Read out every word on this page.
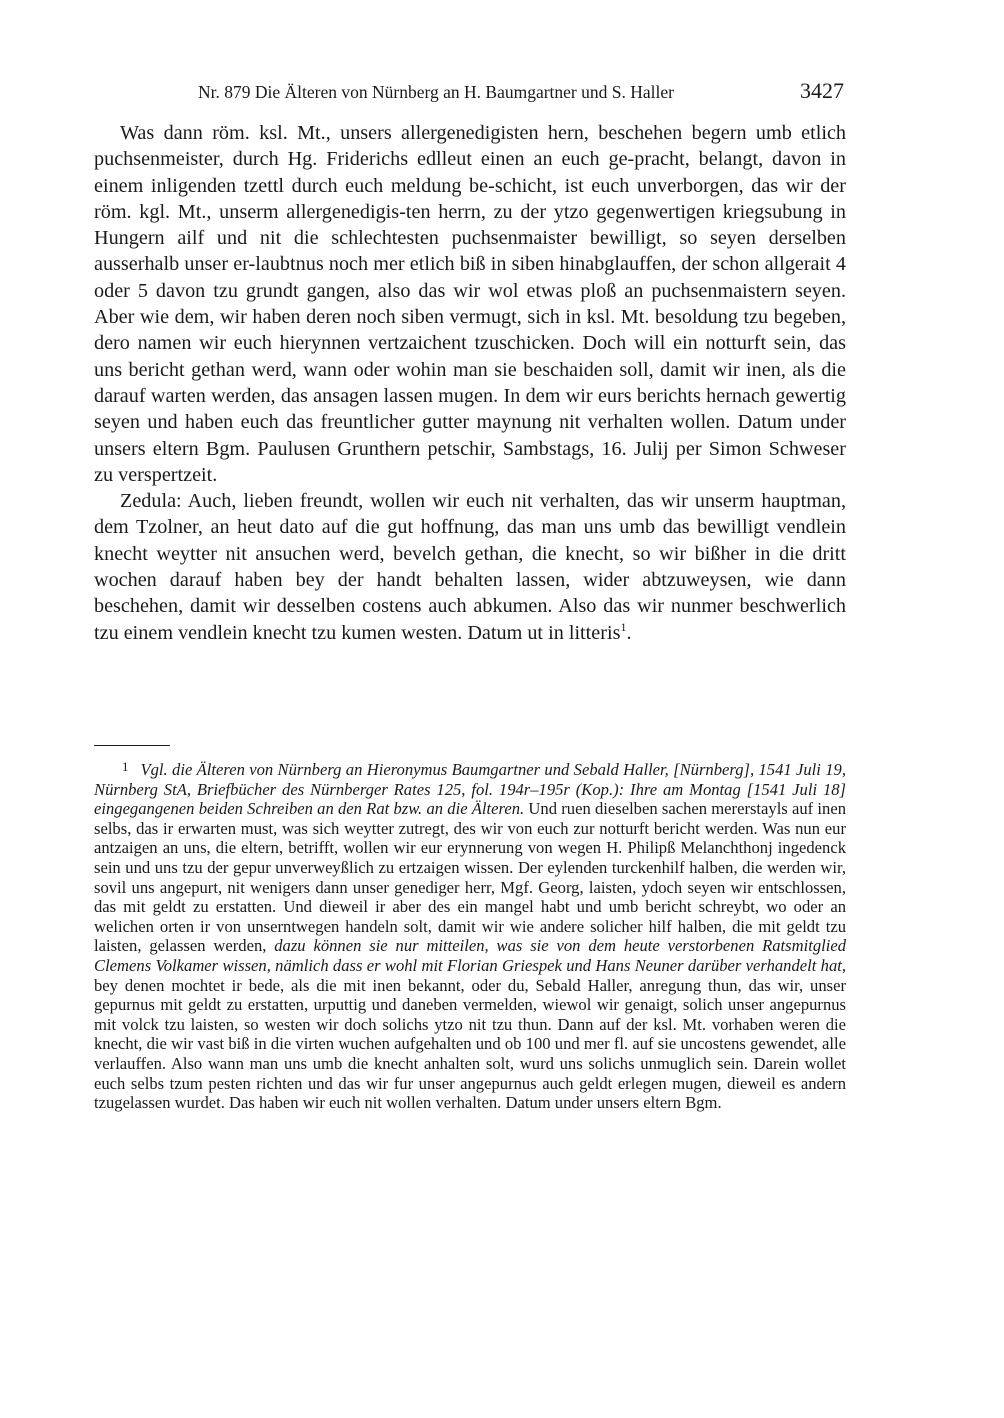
Nr. 879 Die Älteren von Nürnberg an H. Baumgartner und S. Haller	3427

Was dann röm. ksl. Mt., unsers allergenedigisten hern, beschehen begern umb etlich puchsenmeister, durch Hg. Friderichs edlleut einen an euch ge-pracht, belangt, davon in einem inligenden tzettl durch euch meldung be-schicht, ist euch unverborgen, das wir der röm. kgl. Mt., unserm allergenedigis-ten herrn, zu der ytzo gegenwertigen kriegsubung in Hungern ailf und nit die schlechtesten puchsenmaister bewilligt, so seyen derselben ausserhalb unser er-laubtnus noch mer etlich biß in siben hinabglauffen, der schon allgerait 4 oder 5 davon tzu grundt gangen, also das wir wol etwas ploß an puchsenmaistern seyen. Aber wie dem, wir haben deren noch siben vermugt, sich in ksl. Mt. besoldung tzu begeben, dero namen wir euch hierynnen vertzaichent tzuschicken. Doch will ein notturft sein, das uns bericht gethan werd, wann oder wohin man sie beschaiden soll, damit wir inen, als die darauf warten werden, das ansagen lassen mugen. In dem wir eurs berichts hernach gewertig seyen und haben euch das freuntlicher gutter maynung nit verhalten wollen. Datum under unsers eltern Bgm. Paulusen Grunthern petschir, Sambstags, 16. Julij per Simon Schweser zu verspertzeit.

Zedula: Auch, lieben freundt, wollen wir euch nit verhalten, das wir unserm hauptman, dem Tzolner, an heut dato auf die gut hoffnung, das man uns umb das bewilligt vendlein knecht weytter nit ansuchen werd, bevelch gethan, die knecht, so wir bißher in die dritt wochen darauf haben bey der handt behalten lassen, wider abtzuweysen, wie dann beschehen, damit wir desselben costens auch abkumen. Also das wir nunmer beschwerlich tzu einem vendlein knecht tzu kumen westen. Datum ut in litteris$^1$.

$^1$ Vgl. die Älteren von Nürnberg an Hieronymus Baumgartner und Sebald Haller, [Nürnberg], 1541 Juli 19, Nürnberg StA, Briefbücher des Nürnberger Rates 125, fol. 194r–195r (Kop.): Ihre am Montag [1541 Juli 18] eingegangenen beiden Schreiben an den Rat bzw. an die Älteren. Und ruen dieselben sachen mererstayls auf inen selbs, das ir erwarten must, was sich weytter zutregt, des wir von euch zur notturft bericht werden. Was nun eur antzaigen an uns, die eltern, betrifft, wollen wir eur erynnerung von wegen H. Philipß Melanchthonj ingedenck sein und uns tzu der gepur unverweyßlich zu ertzaigen wissen. Der eylenden turckenhilf halben, die werden wir, sovil uns angepurt, nit wenigers dann unser genediger herr, Mgf. Georg, laisten, ydoch seyen wir entschlossen, das mit geldt zu erstatten. Und dieweil ir aber des ein mangel habt und umb bericht schreybt, wo oder an welichen orten ir von unserntwegen handeln solt, damit wir wie andere solicher hilf halben, die mit geldt tzu laisten, gelassen werden, dazu können sie nur mitteilen, was sie von dem heute verstorbenen Ratsmitglied Clemens Volkamer wissen, nämlich dass er wohl mit Florian Griespek und Hans Neuner darüber verhandelt hat, bey denen mochtet ir bede, als die mit inen bekannt, oder du, Sebald Haller, anregung thun, das wir, unser gepurnus mit geldt zu erstatten, urputtig und daneben vermelden, wiewol wir genaigt, solich unser angepurnus mit volck tzu laisten, so westen wir doch solichs ytzo nit tzu thun. Dann auf der ksl. Mt. vorhaben weren die knecht, die wir vast biß in die virten wuchen aufgehalten und ob 100 und mer fl. auf sie uncostens gewendet, alle verlauffen. Also wann man uns umb die knecht anhalten solt, wurd uns solichs unmuglich sein. Darein wollet euch selbs tzum pesten richten und das wir fur unser angepurnus auch geldt erlegen mugen, dieweil es andern tzugelassen wurdet. Das haben wir euch nit wollen verhalten. Datum under unsers eltern Bgm.
